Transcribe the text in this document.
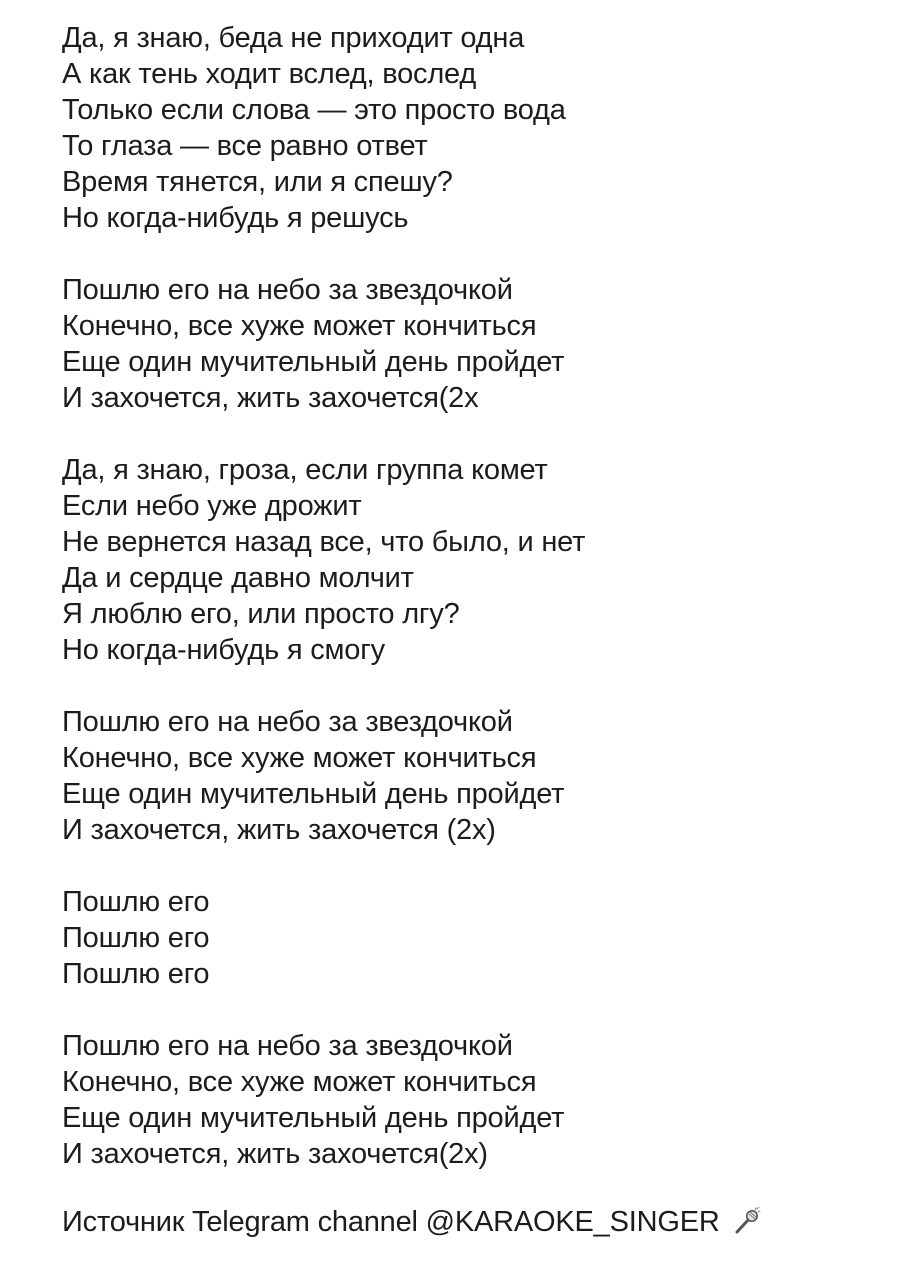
Да, я знаю, беда не приходит одна
А как тень ходит вслед, вослед
Только если слова — это просто вода
То глаза — все равно ответ
Время тянется, или я спешу?
Но когда-нибудь я решусь
Пошлю его на небо за звездочкой
Конечно, все хуже может кончиться
Еще один мучительный день пройдет
И захочется, жить захочется(2х
Да, я знаю, гроза, если группа комет
Если небо уже дрожит
Не вернется назад все, что было, и нет
Да и сердце давно молчит
Я люблю его, или просто лгу?
Но когда-нибудь я смогу
Пошлю его на небо за звездочкой
Конечно, все хуже может кончиться
Еще один мучительный день пройдет
И захочется, жить захочется (2х)
Пошлю его
Пошлю его
Пошлю его
Пошлю его на небо за звездочкой
Конечно, все хуже может кончиться
Еще один мучительный день пройдет
И захочется, жить захочется(2х)
Источник Telegram channel @KARAOKE_SINGER
